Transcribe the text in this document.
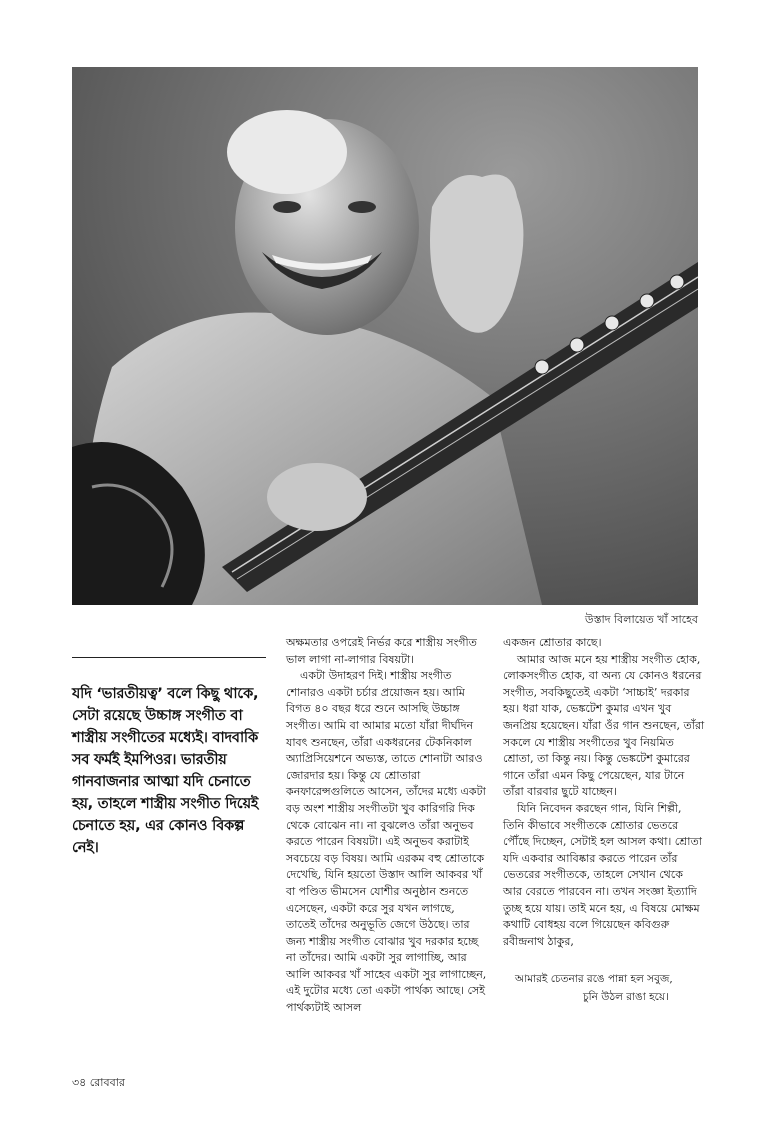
উস্তাদ বিলায়েত খাঁ সাহেব
যদি ‘ভারতীয়ত্ব’ বলে কিছু থাকে, সেটা রয়েছে উচ্চাঙ্গ সংগীত বা শাস্ত্রীয় সংগীতের মধ্যেই। বাদবাকি সব ফর্মই ইমপিওর। ভারতীয় গানবাজনার আত্মা যদি চেনাতে হয়, তাহলে শাস্ত্রীয় সংগীত দিয়েই চেনাতে হয়, এর কোনও বিকল্প নেই।

অক্ষমতার ওপরেই নির্ভর করে শাস্ত্রীয় সংগীত ভাল লাগা না-লাগার বিষয়টা।

একটা উদাহরণ দিই। শাস্ত্রীয় সংগীত শোনারও একটা চর্চার প্রয়োজন হয়। আমি বিগত ৪০ বছর ধরে শুনে আসছি উচ্চাঙ্গ সংগীত। আমি বা আমার মতো যাঁরা দীর্ঘদিন যাবৎ শুনছেন, তাঁরা একধরনের টেকনিকাল অ্যাপ্রিসিয়েশনে অভ্যস্ত, তাতে শোনাটা আরও জোরদার হয়। কিন্তু যে শ্রোতারা কনফারেন্সগুলিতে আসেন, তাঁদের মধ্যে একটা বড় অংশ শাস্ত্রীয় সংগীতটা খুব কারিগরি দিক থেকে বোঝেন না। না বুঝলেও তাঁরা অনুভব করতে পারেন বিষয়টা। এই অনুভব করাটাই সবচেয়ে বড় বিষয়। আমি এরকম বহু শ্রোতাকে দেখেছি, যিনি হয়তো উস্তাদ আলি আকবর খাঁ বা পণ্ডিত ভীমসেন যোশীর অনুষ্ঠান শুনতে এসেছেন, একটা করে সুর যখন লাগছে, তাতেই তাঁদের অনুভূতি জেগে উঠছে। তার জন্য শাস্ত্রীয় সংগীত বোঝার খুব দরকার হচ্ছে না তাঁদের। আমি একটা সুর লাগাচ্ছি, আর আলি আকবর খাঁ সাহেব একটা সুর লাগাচ্ছেন, এই দুটোর মধ্যে তো একটা পার্থক্য আছে। সেই পার্থক্যটাই আসল

একজন শ্রোতার কাছে।

আমার আজ মনে হয় শাস্ত্রীয় সংগীত হোক, লোকসংগীত হোক, বা অন্য যে কোনও ধরনের সংগীত, সবকিছুতেই একটা ‘সাচ্চাই’ দরকার হয়। ধরা যাক, ভেঙ্কটেশ কুমার এখন খুব জনপ্রিয় হয়েছেন। যাঁরা ওঁর গান শুনছেন, তাঁরা সকলে যে শাস্ত্রীয় সংগীতের খুব নিয়মিত শ্রোতা, তা কিন্তু নয়। কিন্তু ভেঙ্কটেশ কুমারের গানে তাঁরা এমন কিছু পেয়েছেন, যার টানে তাঁরা বারবার ছুটে যাচ্ছেন।

যিনি নিবেদন করছেন গান, যিনি শিল্পী, তিনি কীভাবে সংগীতকে শ্রোতার ভেতরে পৌঁছে দিচ্ছেন, সেটাই হল আসল কথা। শ্রোতা যদি একবার আবিষ্কার করতে পারেন তাঁর ভেতরের সংগীতকে, তাহলে সেখান থেকে আর বেরতে পারবেন না। তখন সংজ্ঞা ইত্যাদি তুচ্ছ হয়ে যায়। তাই মনে হয়, এ বিষয়ে মোক্ষম কথাটি বোধহয় বলে গিয়েছেন কবিগুরু রবীন্দ্রনাথ ঠাকুর,

আমারই চেতনার রঙে পান্না হল সবুজ,
চুনি উঠল রাঙা হয়ে।
৩৪ রোববার
